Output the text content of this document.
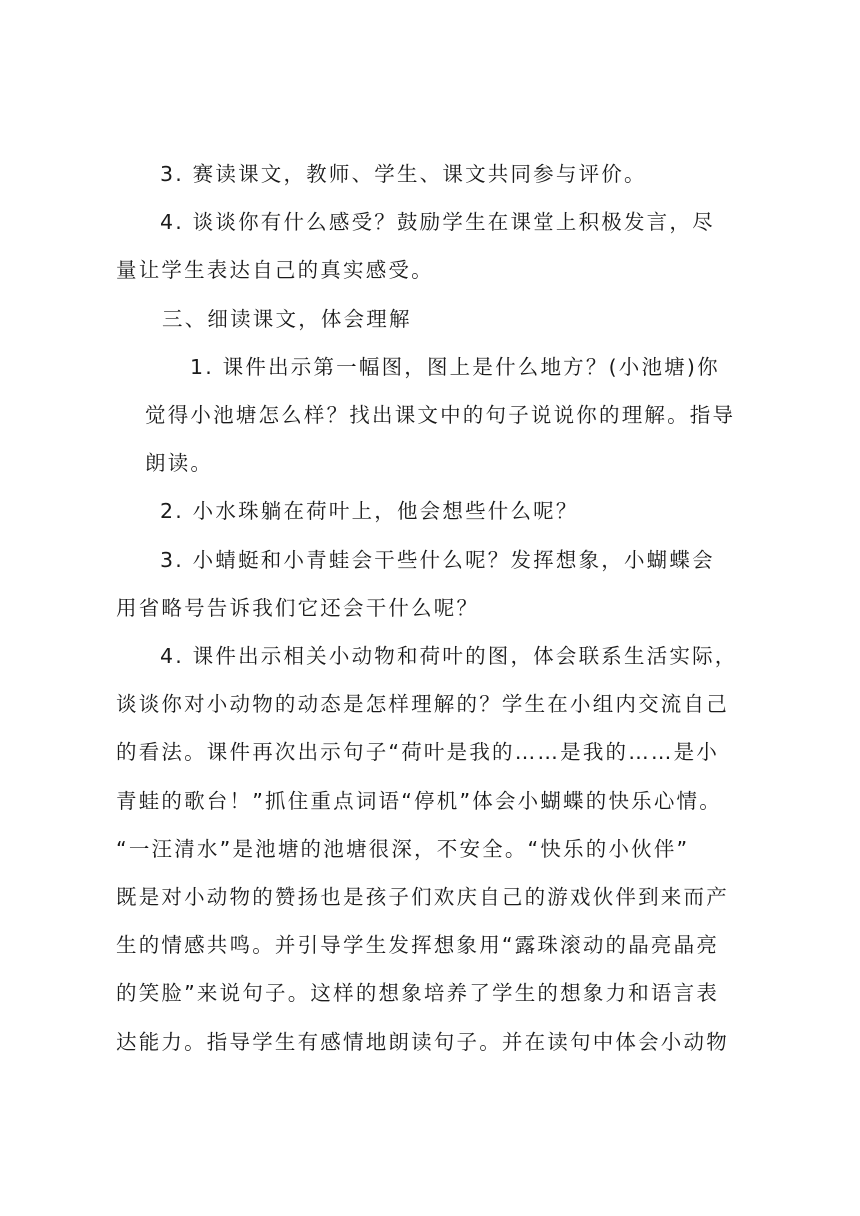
3. 赛读课文，教师、学生、课文共同参与评价。
4. 谈谈你有什么感受？鼓励学生在课堂上积极发言，尽
量让学生表达自己的真实感受。
三、细读课文，体会理解
1. 课件出示第一幅图，图上是什么地方？(小池塘)你
觉得小池塘怎么样？找出课文中的句子说说你的理解。指导
朗读。
2. 小水珠躺在荷叶上，他会想些什么呢？
3. 小蜻蜓和小青蛙会干些什么呢？发挥想象，小蝴蝶会
用省略号告诉我们它还会干什么呢？
4. 课件出示相关小动物和荷叶的图，体会联系生活实际，
谈谈你对小动物的动态是怎样理解的？学生在小组内交流自己
的看法。课件再次出示句子“荷叶是我的……是我的……是小
青蛙的歌台！”抓住重点词语“停机”体会小蝴蝶的快乐心情。
“一汪清水”是池塘的池塘很深，不安全。“快乐的小伙伴”
既是对小动物的赞扬也是孩子们欢庆自己的游戏伙伴到来而产
生的情感共鸣。并引导学生发挥想象用“露珠滚动的晶亮晶亮
的笑脸”来说句子。这样的想象培养了学生的想象力和语言表
达能力。指导学生有感情地朗读句子。并在读句中体会小动物
